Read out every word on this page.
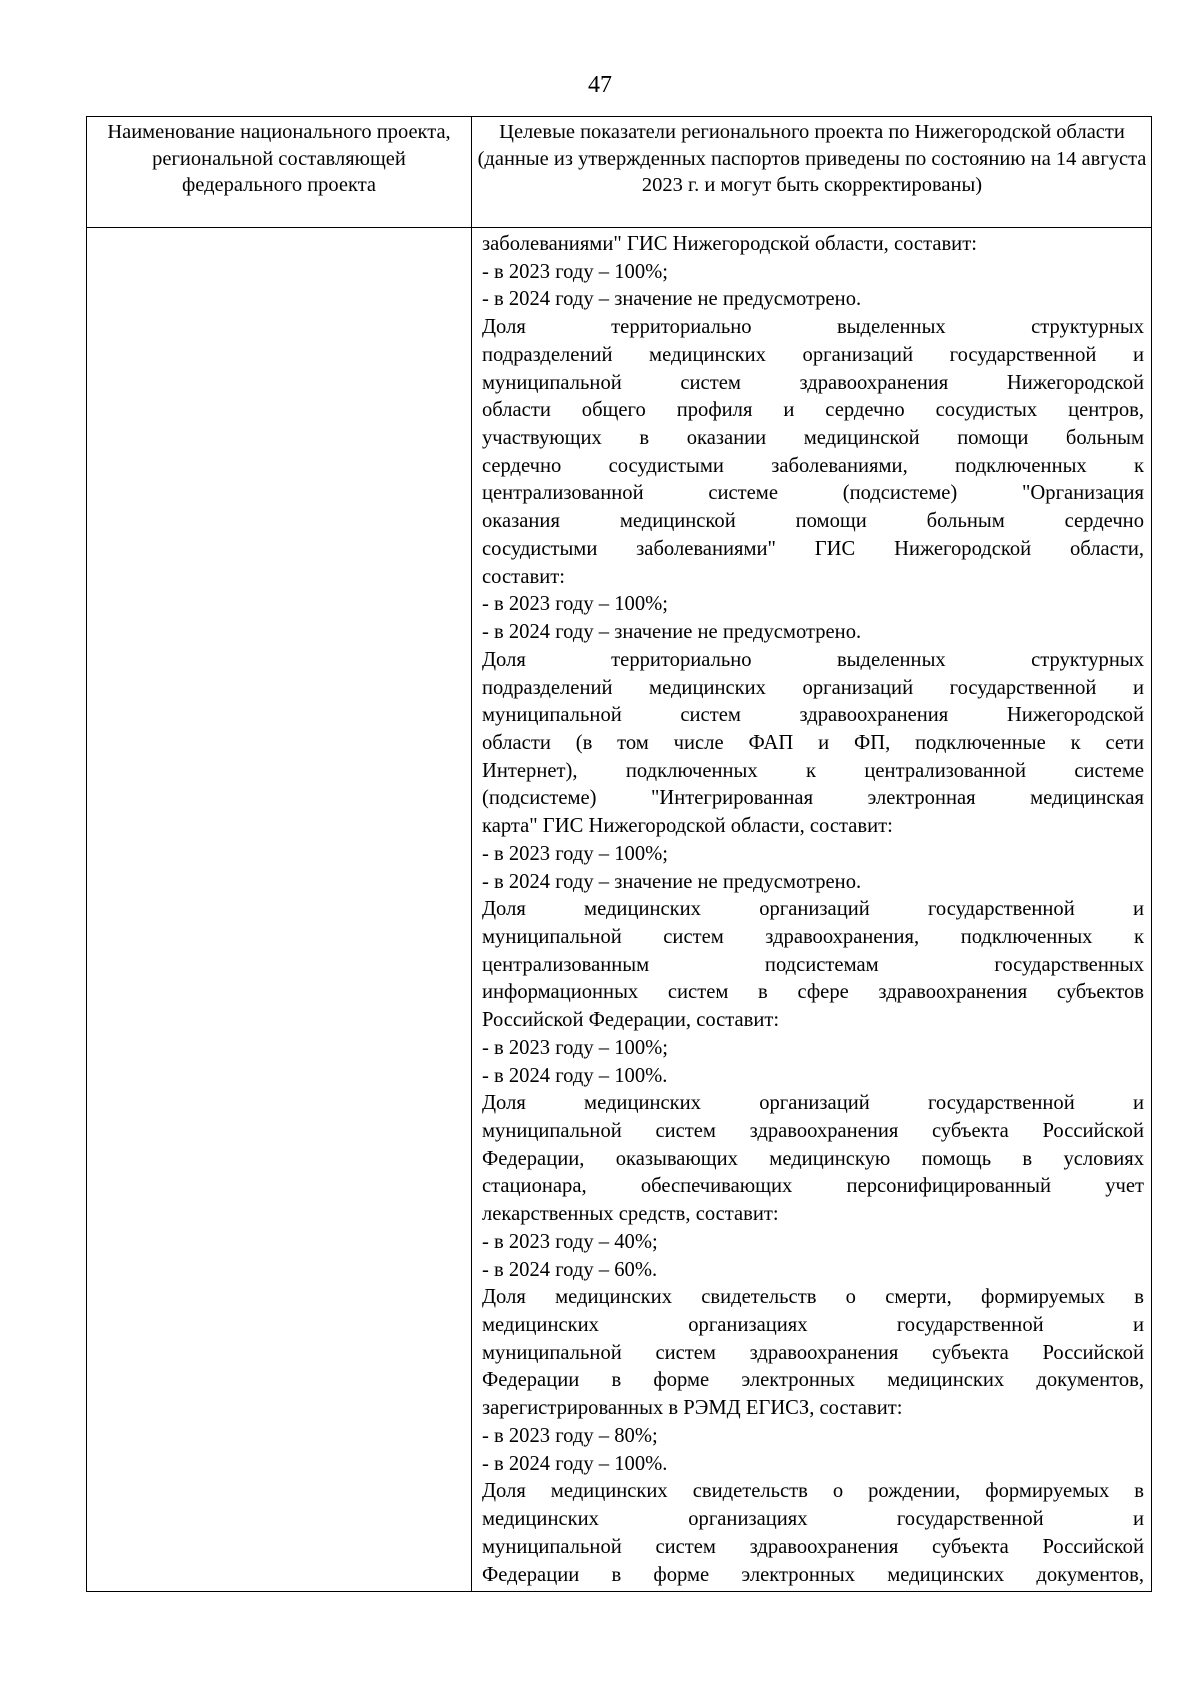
47
Наименование национального проекта, региональной составляющей федерального проекта
Целевые показатели регионального проекта по Нижегородской области (данные из утвержденных паспортов приведены по состоянию на 14 августа 2023 г. и могут быть скорректированы)
заболеваниями" ГИС Нижегородской области, составит:
- в 2023 году – 100%;
- в 2024 году – значение не предусмотрено.
Доля территориально выделенных структурных
подразделений медицинских организаций государственной и
муниципальной систем здравоохранения Нижегородской
области общего профиля и сердечно сосудистых центров,
участвующих в оказании медицинской помощи больным
сердечно сосудистыми заболеваниями, подключенных к
централизованной системе (подсистеме) "Организация
оказания медицинской помощи больным сердечно
сосудистыми заболеваниями" ГИС Нижегородской области,
составит:
- в 2023 году – 100%;
- в 2024 году – значение не предусмотрено.
Доля территориально выделенных структурных
подразделений медицинских организаций государственной и
муниципальной систем здравоохранения Нижегородской
области (в том числе ФАП и ФП, подключенные к сети
Интернет), подключенных к централизованной системе
(подсистеме) "Интегрированная электронная медицинская
карта" ГИС Нижегородской области, составит:
- в 2023 году – 100%;
- в 2024 году – значение не предусмотрено.
Доля медицинских организаций государственной и
муниципальной систем здравоохранения, подключенных к
централизованным подсистемам государственных
информационных систем в сфере здравоохранения субъектов
Российской Федерации, составит:
- в 2023 году – 100%;
- в 2024 году – 100%.
Доля медицинских организаций государственной и
муниципальной систем здравоохранения субъекта Российской
Федерации, оказывающих медицинскую помощь в условиях
стационара, обеспечивающих персонифицированный учет
лекарственных средств, составит:
- в 2023 году – 40%;
- в 2024 году – 60%.
Доля медицинских свидетельств о смерти, формируемых в
медицинских организациях государственной и
муниципальной систем здравоохранения субъекта Российской
Федерации в форме электронных медицинских документов,
зарегистрированных в РЭМД ЕГИСЗ, составит:
- в 2023 году – 80%;
- в 2024 году – 100%.
Доля медицинских свидетельств о рождении, формируемых в
медицинских организациях государственной и
муниципальной систем здравоохранения субъекта Российской
Федерации в форме электронных медицинских документов,
